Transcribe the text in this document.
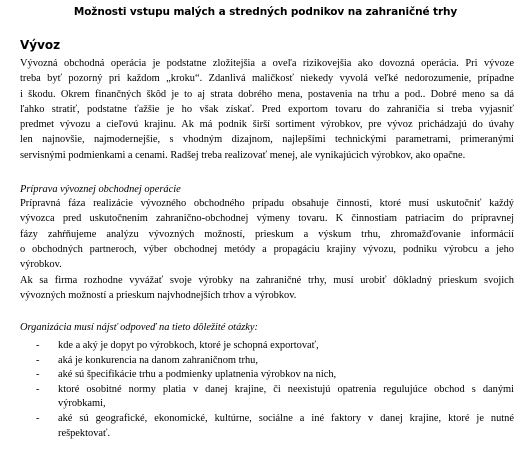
Možnosti vstupu malých a stredných podnikov na zahraničné trhy
Vývoz
Vývozná obchodná operácia je podstatne zložitejšia a oveľa rizikovejšia ako dovozná operácia. Pri vývoze
treba byť pozorný pri každom „kroku“. Zdanlivá maličkosť niekedy vyvolá veľké nedorozumenie, prípadne
i škodu. Okrem finančných škôd je to aj strata dobrého mena, postavenia na trhu a pod.. Dobré meno sa dá
ľahko stratiť, podstatne ťažšie je ho však získať. Pred exportom tovaru do zahraničia si treba vyjasniť
predmet vývozu a cieľovú krajinu. Ak má podnik širší sortiment výrobkov, pre vývoz prichádzajú do úvahy
len najnovšie, najmodernejšie, s vhodným dizajnom, najlepšími technickými parametrami, primeranými
servisnými podmienkami a cenami. Radšej treba realizovať menej, ale vynikajúcich výrobkov, ako opačne.
Príprava vývoznej obchodnej operácie
Prípravná fáza realizácie vývozného obchodného prípadu obsahuje činnosti, ktoré musí uskutočniť každý
vývozca pred uskutočnením zahraničnо-obchodnej výmeny tovaru. K činnostiam patriacim do prípravnej
fázy zahŕňujeme analýzu vývozných možností, prieskum a výskum trhu, zhromažďovanie informácií
o obchodných partneroch, výber obchodnej metódy a propagáciu krajiny vývozu, podniku výrobcu a jeho
výrobkov.
Ak sa firma rozhodne vyvážať svoje výrobky na zahraničné trhy, musí urobiť dôkladný prieskum svojich
vývozných možností a prieskum najvhodnejších trhov a výrobkov.
Organizácia musí nájsť odpoveď na tieto dôležité otázky:
- kde a aký je dopyt po výrobkoch, ktoré je schopná exportovať,
- aká je konkurencia na danom zahraničnom trhu,
- aké sú špecifikácie trhu a podmienky uplatnenia výrobkov na nich,
- ktoré osobitné normy platia v danej krajine, či neexistujú opatrenia regulujúce obchod s danými
výrobkami,
- aké sú geografické, ekonomické, kultúrne, sociálne a iné faktory v danej krajine, ktoré je nutné
rešpektovať.
